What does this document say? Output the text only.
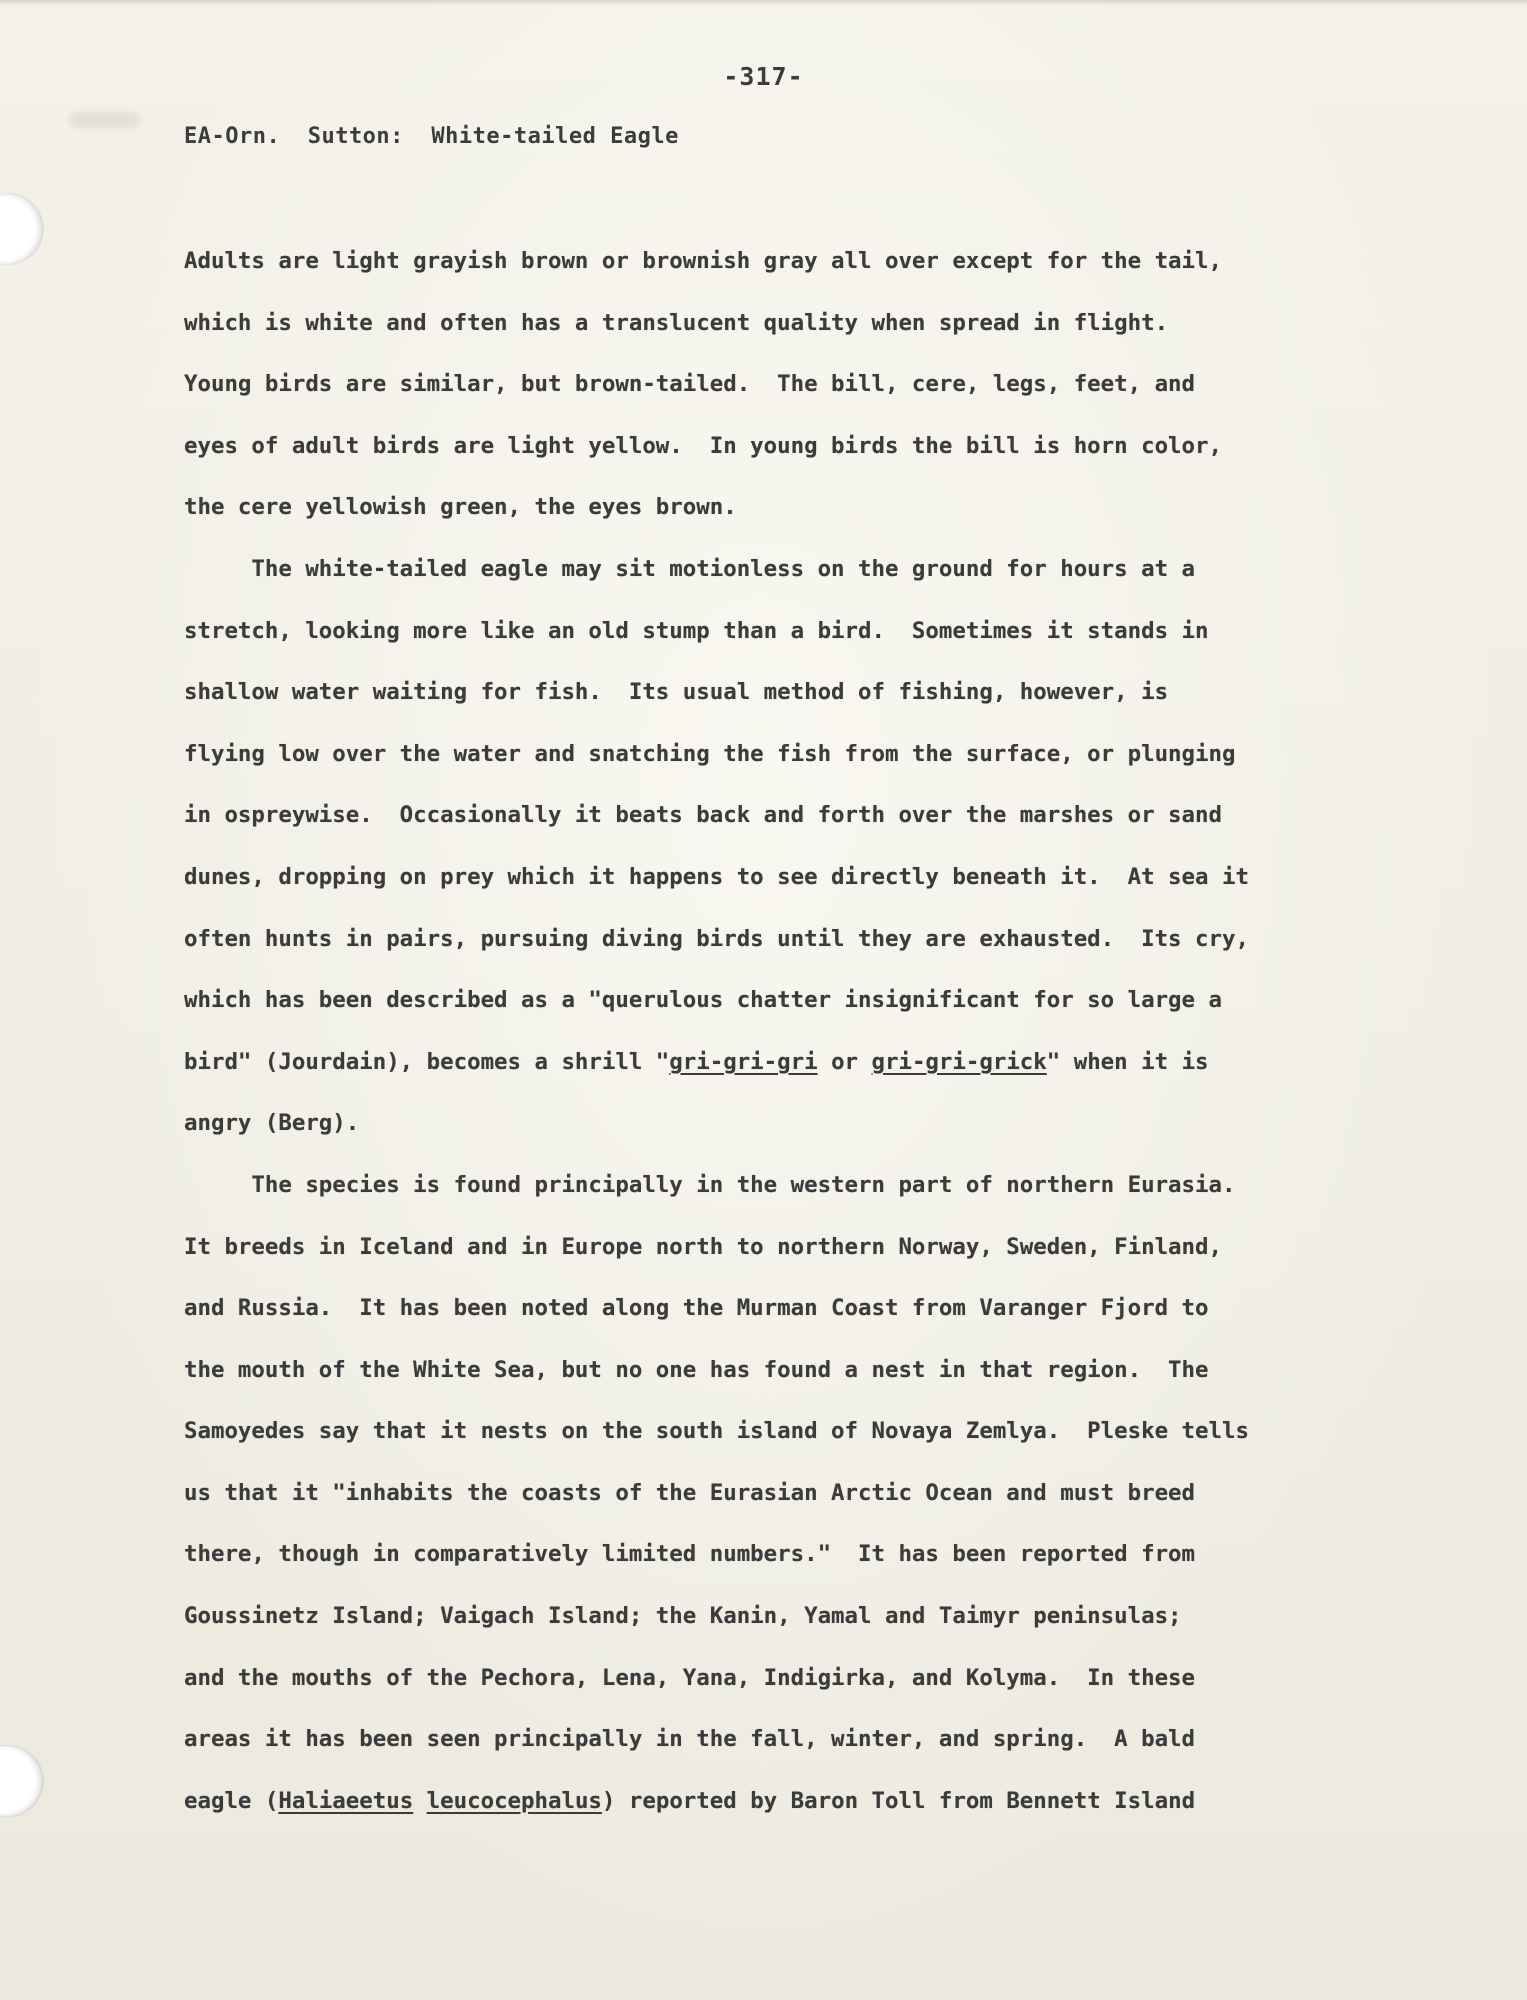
-317-
EA-Orn.  Sutton:  White-tailed Eagle
Adults are light grayish brown or brownish gray all over except for the tail,
which is white and often has a translucent quality when spread in flight.
Young birds are similar, but brown-tailed.  The bill, cere, legs, feet, and
eyes of adult birds are light yellow.  In young birds the bill is horn color,
the cere yellowish green, the eyes brown.
The white-tailed eagle may sit motionless on the ground for hours at a
stretch, looking more like an old stump than a bird.  Sometimes it stands in
shallow water waiting for fish.  Its usual method of fishing, however, is
flying low over the water and snatching the fish from the surface, or plunging
in ospreywise.  Occasionally it beats back and forth over the marshes or sand
dunes, dropping on prey which it happens to see directly beneath it.  At sea it
often hunts in pairs, pursuing diving birds until they are exhausted.  Its cry,
which has been described as a "querulous chatter insignificant for so large a
bird" (Jourdain), becomes a shrill "gri-gri-gri or gri-gri-grick" when it is
angry (Berg).
The species is found principally in the western part of northern Eurasia.
It breeds in Iceland and in Europe north to northern Norway, Sweden, Finland,
and Russia.  It has been noted along the Murman Coast from Varanger Fjord to
the mouth of the White Sea, but no one has found a nest in that region.  The
Samoyedes say that it nests on the south island of Novaya Zemlya.  Pleske tells
us that it "inhabits the coasts of the Eurasian Arctic Ocean and must breed
there, though in comparatively limited numbers."  It has been reported from
Goussinetz Island; Vaigach Island; the Kanin, Yamal and Taimyr peninsulas;
and the mouths of the Pechora, Lena, Yana, Indigirka, and Kolyma.  In these
areas it has been seen principally in the fall, winter, and spring.  A bald
eagle (Haliaeetus leucocephalus) reported by Baron Toll from Bennett Island
